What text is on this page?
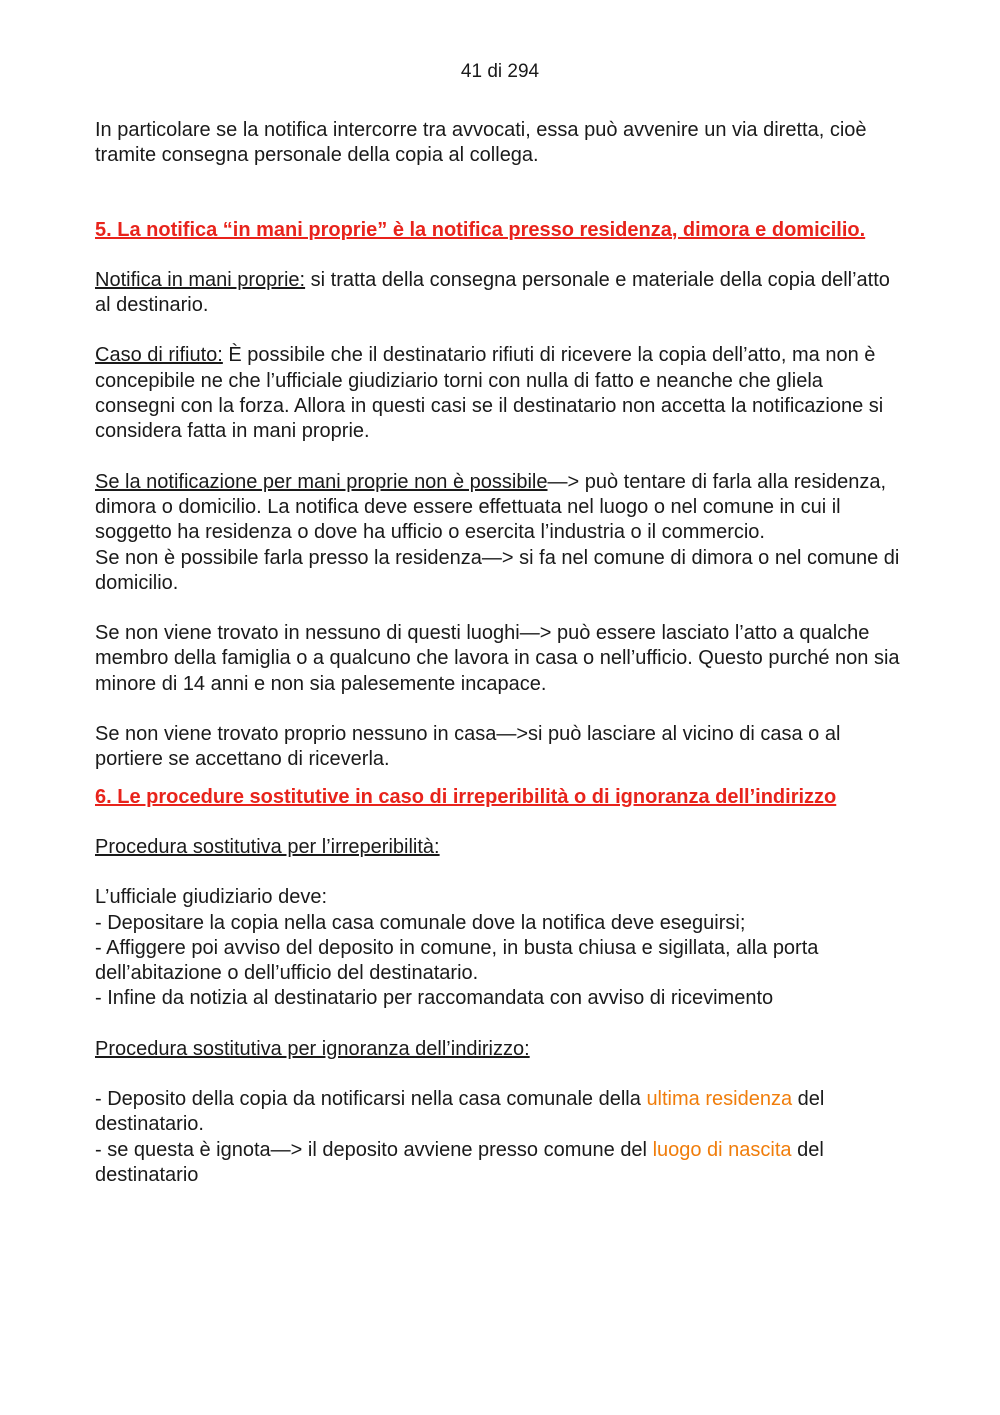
41 di 294

In particolare se la notifica intercorre tra avvocati, essa può avvenire un via diretta, cioè tramite consegna personale della copia al collega.

5. La notifica “in mani proprie” è la notifica presso residenza, dimora e domicilio.

Notifica in mani proprie: si tratta della consegna personale e materiale della copia dell’atto al destinario.

Caso di rifiuto: È possibile che il destinatario rifiuti di ricevere la copia dell’atto, ma non è concepibile ne che l’ufficiale giudiziario torni con nulla di fatto e neanche che gliela consegni con la forza. Allora in questi casi se il destinatario non accetta la notificazione si considera fatta in mani proprie.

Se la notificazione per mani proprie non è possibile—> può tentare di farla alla residenza, dimora o domicilio. La notifica deve essere effettuata nel luogo o nel comune in cui il soggetto ha residenza o dove ha ufficio o esercita l’industria o il commercio.

Se non è possibile farla presso la residenza—> si fa nel comune di dimora o nel comune di domicilio.

Se non viene trovato in nessuno di questi luoghi—> può essere lasciato l’atto a qualche membro della famiglia o a qualcuno che lavora in casa o nell’ufficio. Questo purché non sia minore di 14 anni e non sia palesemente incapace.

Se non viene trovato proprio nessuno in casa—>si può lasciare al vicino di casa o al portiere se accettano di riceverla.

6. Le procedure sostitutive in caso di irreperibilità o di ignoranza dell’indirizzo

Procedura sostitutiva per l’irreperibilità:

L’ufficiale giudiziario deve:

- Depositare la copia nella casa comunale dove la notifica deve eseguirsi;

- Affiggere poi avviso del deposito in comune, in busta chiusa e sigillata, alla porta dell’abitazione o dell’ufficio del destinatario.

- Infine da notizia al destinatario per raccomandata con avviso di ricevimento

Procedura sostitutiva per ignoranza dell’indirizzo:

- Deposito della copia da notificarsi nella casa comunale della ultima residenza del destinatario.

- se questa è ignota—> il deposito avviene presso comune del luogo di nascita del destinatario
